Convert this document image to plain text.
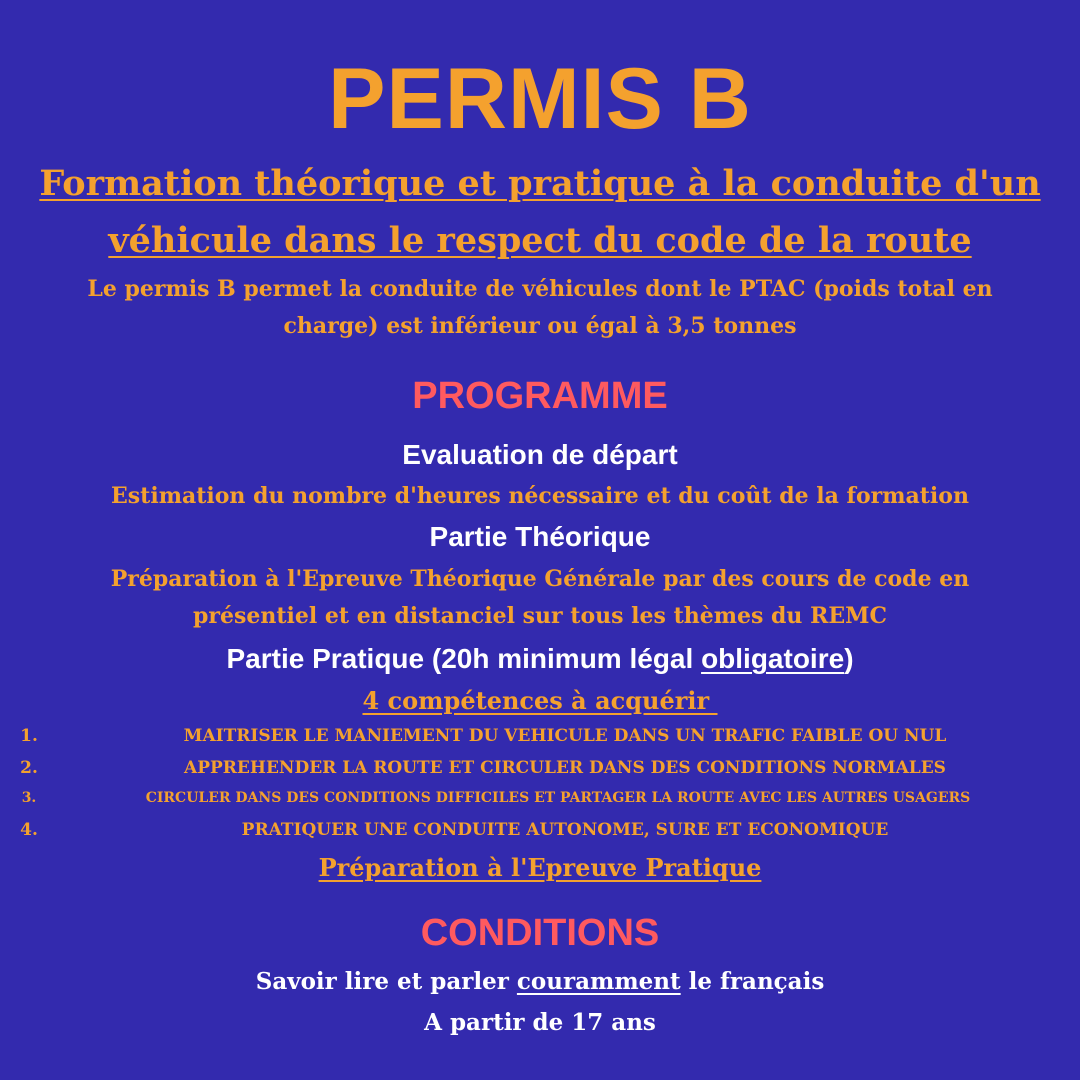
PERMIS B

Formation théorique et pratique à la conduite d'un

véhicule dans le respect du code de la route

Le permis B permet la conduite de véhicules dont le PTAC (poids total en

charge) est inférieur ou égal à 3,5 tonnes

PROGRAMME

Evaluation de départ

Estimation du nombre d'heures nécessaire et du coût de la formation

Partie Théorique

Préparation à l'Epreuve Théorique Générale par des cours de code en

présentiel et en distanciel sur tous les thèmes du REMC

Partie Pratique (20h minimum légal obligatoire)

4 compétences à acquérir

1.	MAITRISER LE MANIEMENT DU VEHICULE DANS UN TRAFIC FAIBLE OU NUL
2.	APPREHENDER LA ROUTE ET CIRCULER DANS DES CONDITIONS NORMALES
3.	CIRCULER DANS DES CONDITIONS DIFFICILES ET PARTAGER LA ROUTE AVEC LES AUTRES USAGERS
4.	PRATIQUER UNE CONDUITE AUTONOME, SURE ET ECONOMIQUE

Préparation à l'Epreuve Pratique

CONDITIONS

Savoir lire et parler couramment le français

A partir de 17 ans
